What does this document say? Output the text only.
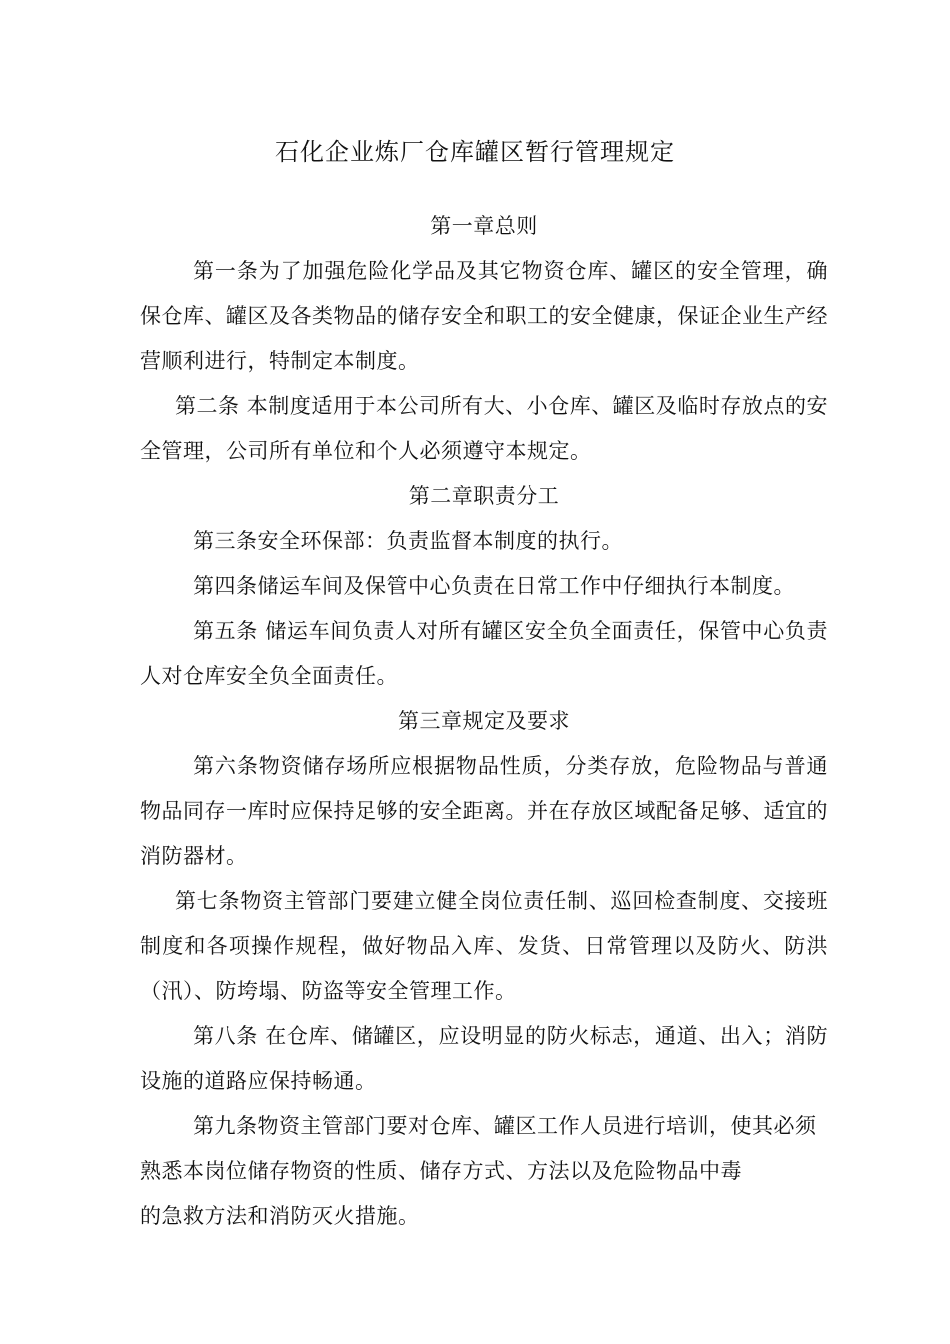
石化企业炼厂仓库罐区暂行管理规定

第一章总则

第一条为了加强危险化学品及其它物资仓库、罐区的安全管理，确保仓库、罐区及各类物品的储存安全和职工的安全健康，保证企业生产经营顺利进行，特制定本制度。

第二条 本制度适用于本公司所有大、小仓库、罐区及临时存放点的安全管理，公司所有单位和个人必须遵守本规定。

第二章职责分工

第三条安全环保部：负责监督本制度的执行。

第四条储运车间及保管中心负责在日常工作中仔细执行本制度。

第五条 储运车间负责人对所有罐区安全负全面责任，保管中心负责人对仓库安全负全面责任。

第三章规定及要求

第六条物资储存场所应根据物品性质，分类存放，危险物品与普通物品同存一库时应保持足够的安全距离。并在存放区域配备足够、适宜的消防器材。

第七条物资主管部门要建立健全岗位责任制、巡回检查制度、交接班制度和各项操作规程，做好物品入库、发货、日常管理以及防火、防洪（汛）、防垮塌、防盗等安全管理工作。

第八条 在仓库、储罐区，应设明显的防火标志，通道、出入；消防设施的道路应保持畅通。

第九条物资主管部门要对仓库、罐区工作人员进行培训，使其必须熟悉本岗位储存物资的性质、储存方式、方法以及危险物品中毒

的急救方法和消防灭火措施。
